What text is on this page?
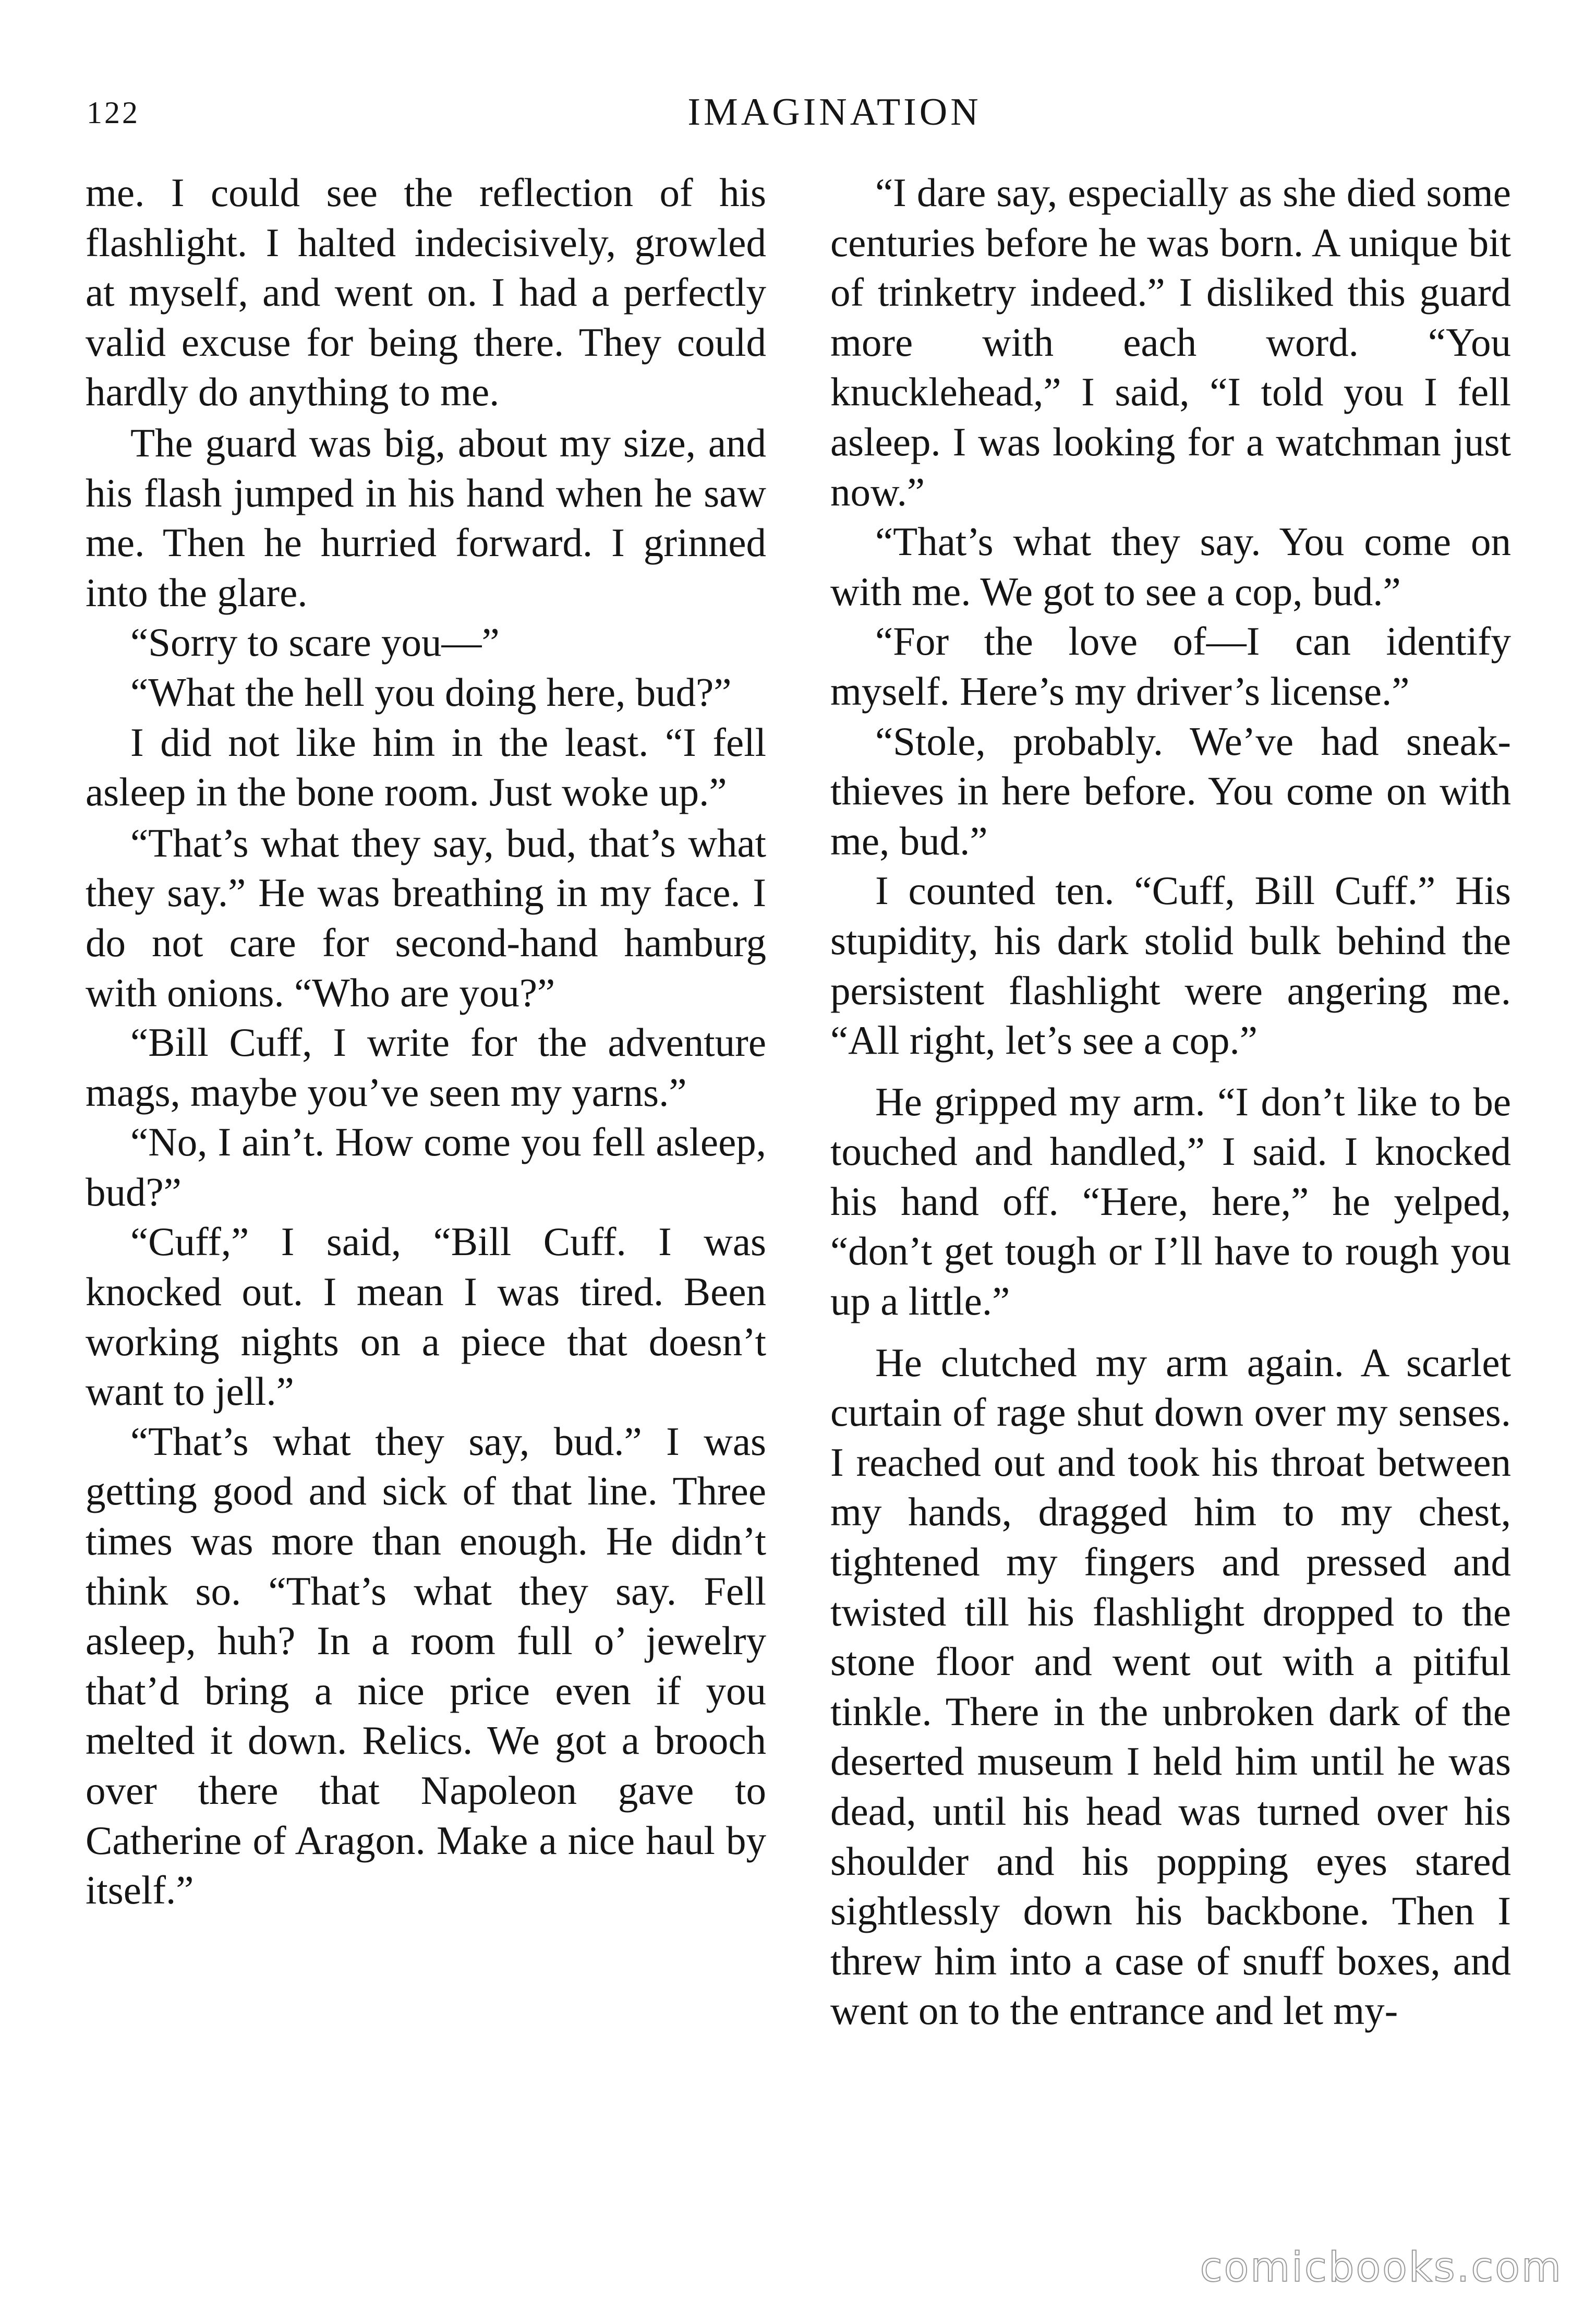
122	IMAGINATION

me. I could see the reflection of his flashlight. I halted indecisively, growled at myself, and went on. I had a perfectly valid excuse for being there. They could hardly do anything to me.

The guard was big, about my size, and his flash jumped in his hand when he saw me. Then he hurried forward. I grinned into the glare.

“Sorry to scare you—”

“What the hell you doing here, bud?”

I did not like him in the least. “I fell asleep in the bone room. Just woke up.”

“That’s what they say, bud, that’s what they say.” He was breathing in my face. I do not care for second-hand hamburg with onions. “Who are you?”

“Bill Cuff, I write for the adventure mags, maybe you’ve seen my yarns.”

“No, I ain’t. How come you fell asleep, bud?”

“Cuff,” I said, “Bill Cuff. I was knocked out. I mean I was tired. Been working nights on a piece that doesn’t want to jell.”

“That’s what they say, bud.” I was getting good and sick of that line. Three times was more than enough. He didn’t think so. “That’s what they say. Fell asleep, huh? In a room full o’ jewelry that’d bring a nice price even if you melted it down. Relics. We got a brooch over there that Napoleon gave to Catherine of Aragon. Make a nice haul by itself.”

“I dare say, especially as she died some centuries before he was born. A unique bit of trinketry indeed.” I disliked this guard more with each word. “You knucklehead,” I said, “I told you I fell asleep. I was looking for a watchman just now.”

“That’s what they say. You come on with me. We got to see a cop, bud.”

“For the love of—I can identify myself. Here’s my driver’s license.”

“Stole, probably. We’ve had sneak-thieves in here before. You come on with me, bud.”

I counted ten. “Cuff, Bill Cuff.” His stupidity, his dark stolid bulk behind the persistent flashlight were angering me. “All right, let’s see a cop.”

He gripped my arm. “I don’t like to be touched and handled,” I said. I knocked his hand off. “Here, here,” he yelped, “don’t get tough or I’ll have to rough you up a little.”

He clutched my arm again. A scarlet curtain of rage shut down over my senses. I reached out and took his throat between my hands, dragged him to my chest, tightened my fingers and pressed and twisted till his flashlight dropped to the stone floor and went out with a pitiful tinkle. There in the unbroken dark of the deserted museum I held him until he was dead, until his head was turned over his shoulder and his popping eyes stared sightlessly down his backbone. Then I threw him into a case of snuff boxes, and went on to the entrance and let my-

comicbooks.com
